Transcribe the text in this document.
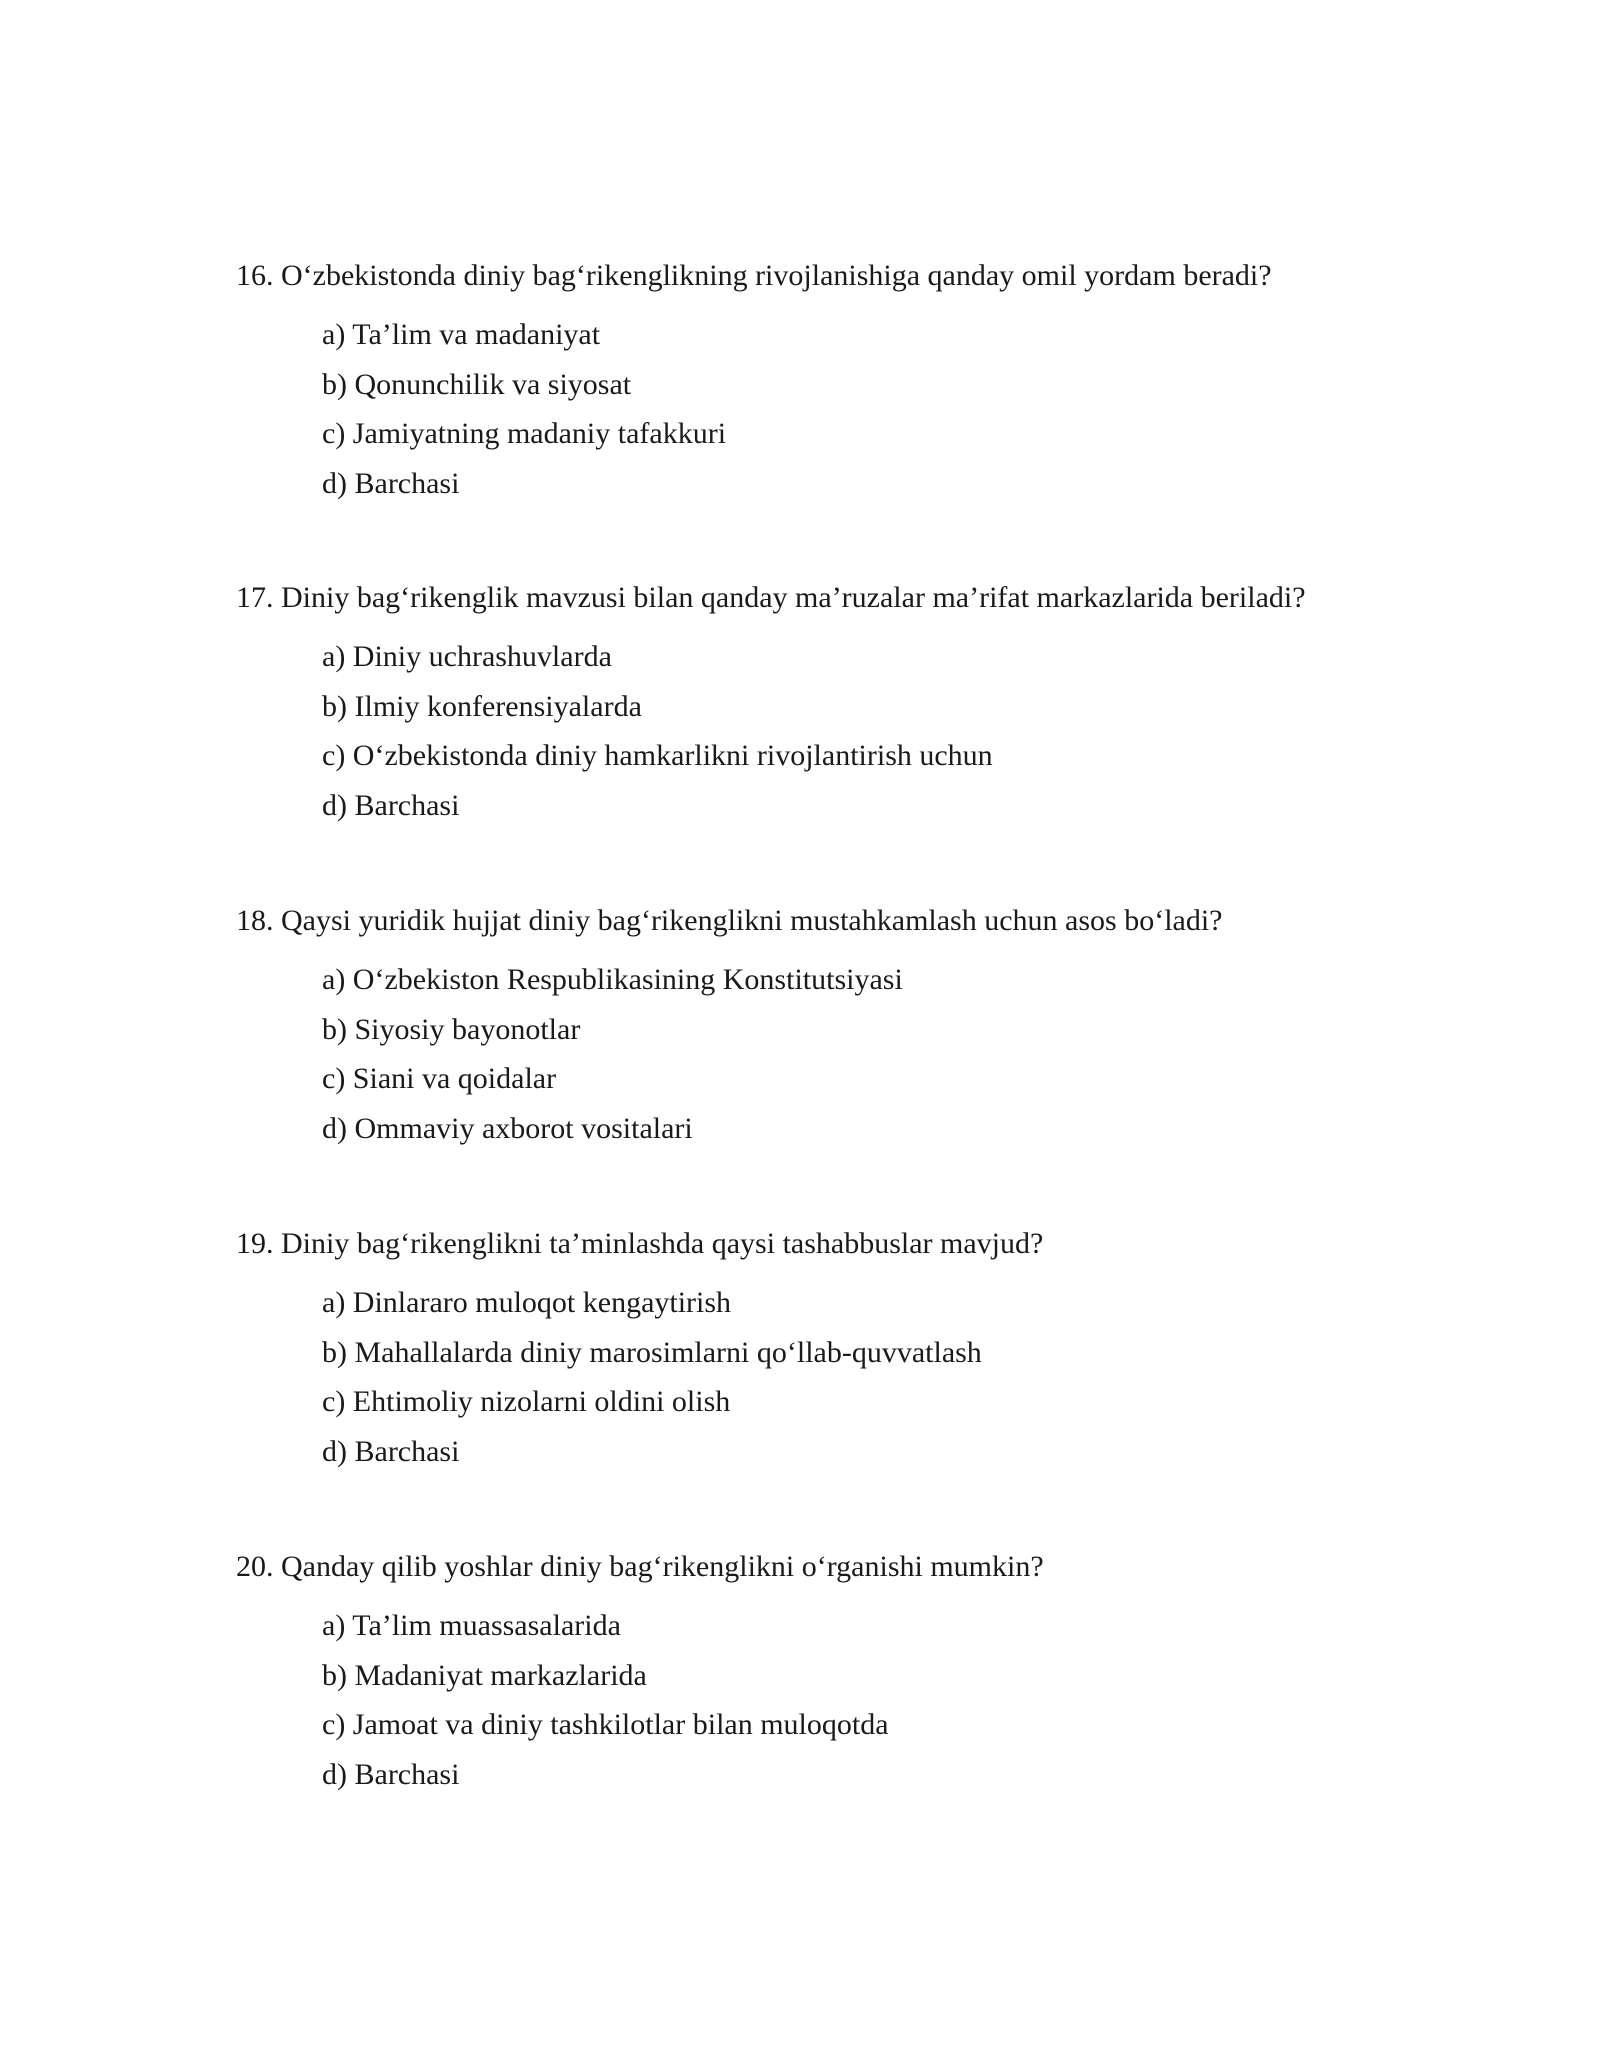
16. O‘zbekistonda diniy bag‘rikenglikning rivojlanishiga qanday omil yordam beradi?

a) Ta’lim va madaniyat
b) Qonunchilik va siyosat
c) Jamiyatning madaniy tafakkuri
d) Barchasi

17. Diniy bag‘rikenglik mavzusi bilan qanday ma’ruzalar ma’rifat markazlarida beriladi?

a) Diniy uchrashuvlarda
b) Ilmiy konferensiyalarda
c) O‘zbekistonda diniy hamkarlikni rivojlantirish uchun
d) Barchasi

18. Qaysi yuridik hujjat diniy bag‘rikenglikni mustahkamlash uchun asos bo‘ladi?

a) O‘zbekiston Respublikasining Konstitutsiyasi
b) Siyosiy bayonotlar
c) Siani va qoidalar
d) Ommaviy axborot vositalari

19. Diniy bag‘rikenglikni ta’minlashda qaysi tashabbuslar mavjud?

a) Dinlararo muloqot kengaytirish
b) Mahallalarda diniy marosimlarni qo‘llab-quvvatlash
c) Ehtimoliy nizolarni oldini olish
d) Barchasi

20. Qanday qilib yoshlar diniy bag‘rikenglikni o‘rganishi mumkin?

a) Ta’lim muassasalarida
b) Madaniyat markazlarida
c) Jamoat va diniy tashkilotlar bilan muloqotda
d) Barchasi
